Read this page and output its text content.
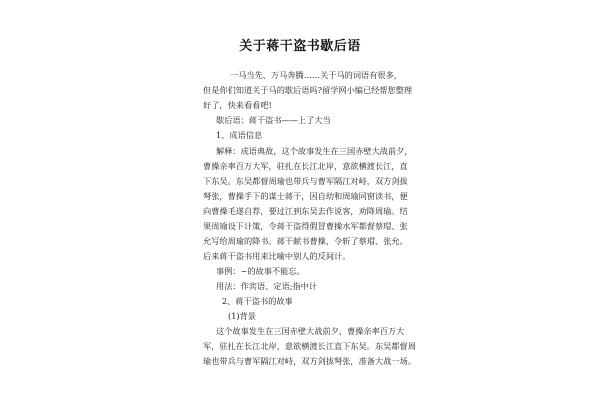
关于蒋干盗书歇后语
一马当先、万马奔腾……关于马的词语有很多，
但是你们知道关于马的歇后语吗?留学网小编已经帮您整理
好了，快来看看吧!
歇后语：蒋干盗书——上了大当
1、成语信息
解释：成语典故，这个故事发生在三国赤壁大战前夕，
曹操亲率百万大军，驻扎在长江北岸，意欲横渡长江，直
下东吴。东吴都督周瑜也带兵与曹军隔江对峙，双方剑拔
弩张，曹操手下的谋士蒋干，因自幼和周瑜同窗读书，便
向曹操毛遂自荐，要过江到东吴去作说客，劝降周瑜。结
果周瑜设下计策，令蒋干盗得假冒曹操水军都督蔡瑁、张
允写给周瑜的降书。蒋干献书曹操，令斩了蔡瑁、张允。
后来蒋干盗书用来比喻中别人的反间计。
事例：~的故事不能忘。
用法：作宾语、定语;指中计
2、蒋干盗书的故事
(1)背景
这个故事发生在三国赤壁大战前夕，曹操亲率百万大
军，驻扎在长江北岸，意欲横渡长江直下东吴。东吴都督周
瑜也带兵与曹军隔江对峙，双方剑拔弩张，准备大战一场。
